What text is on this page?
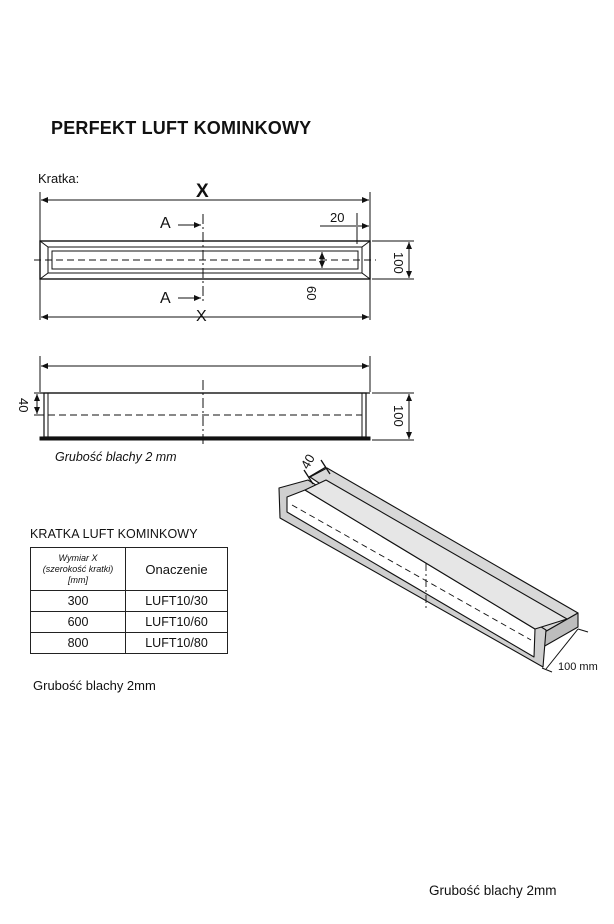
PERFEKT LUFT KOMINKOWY
Kratka:
X
X
A
A
20
100
60
40	100
40
Grubość blachy 2 mm
100 mm
KRATKA LUFT KOMINKOWY
Wymiar X
(szerokość kratki)
[mm]	Onaczenie
300	LUFT10/30
600	LUFT10/60
800	LUFT10/80
Grubość blachy 2mm
Grubość blachy 2mm
